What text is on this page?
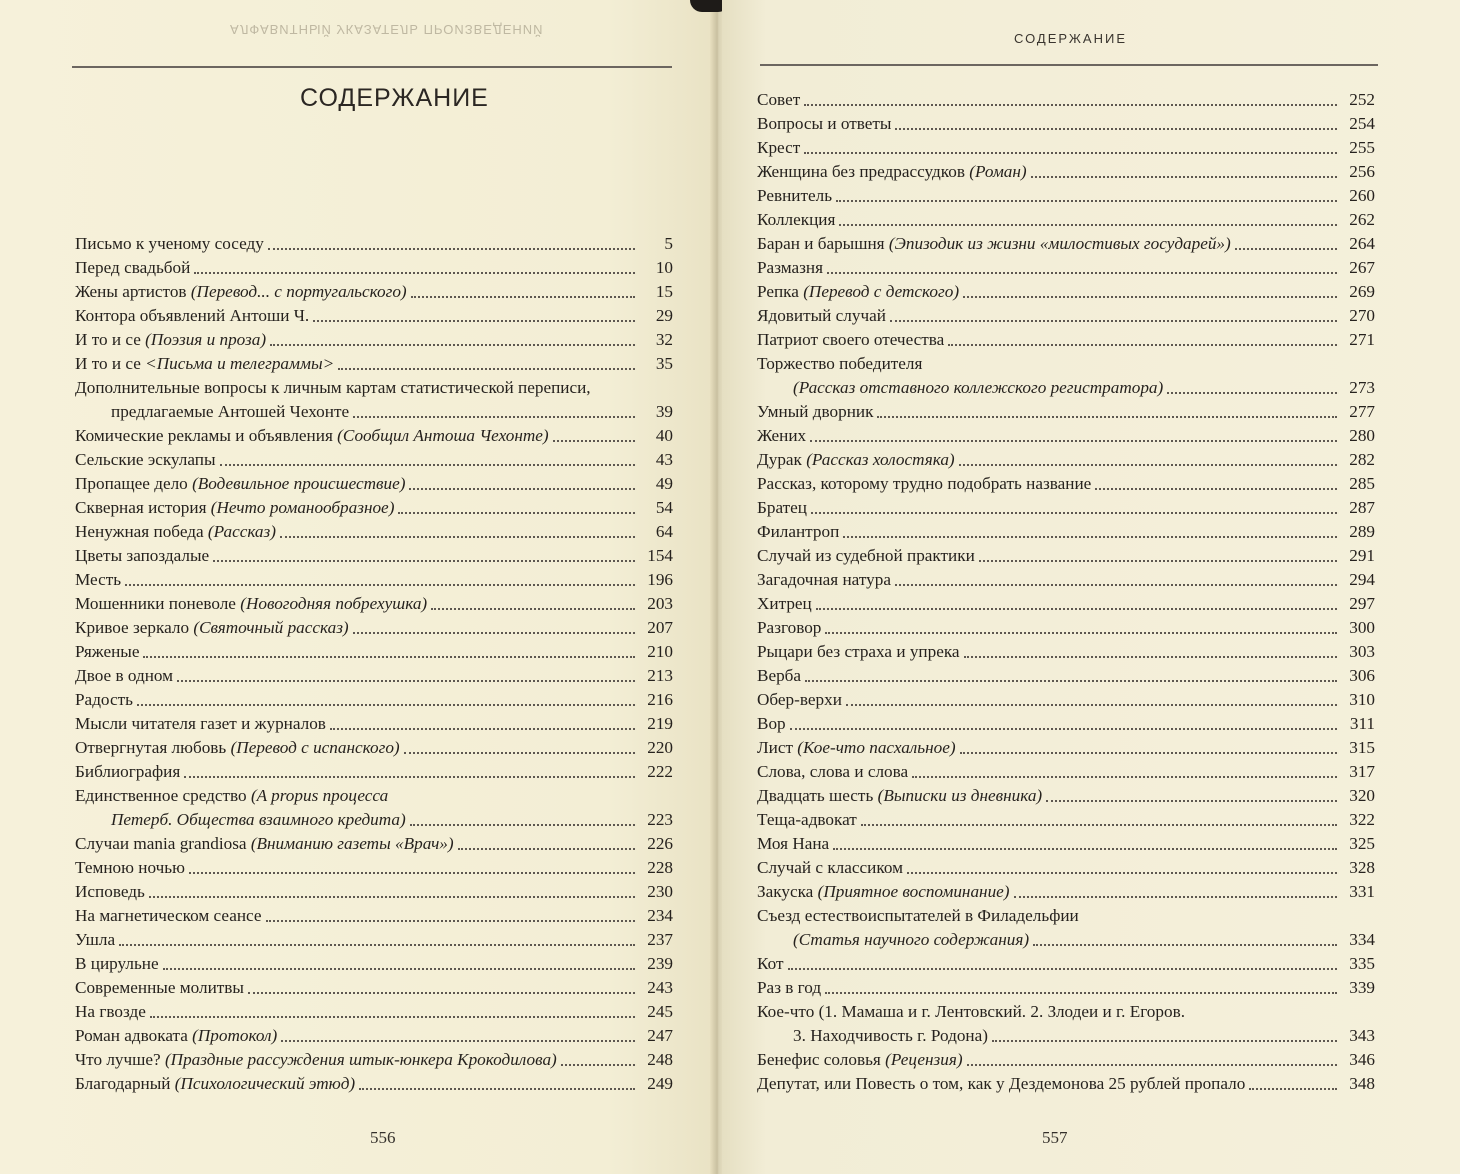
АЛФАВИТНЫЙ УКАЗАТЕЛЬ ПРОИЗВЕДЕНИЙ
СОДЕРЖАНИЕ
Письмо к ученому соседу	5
Перед свадьбой	10
Жены артистов (Перевод... с португальского)	15
Контора объявлений Антоши Ч.	29
И то и се (Поэзия и проза)	32
И то и се <Письма и телеграммы>	35
Дополнительные вопросы к личным картам статистической переписи,
предлагаемые Антошей Чехонте	39
Комические рекламы и объявления (Сообщил Антоша Чехонте)	40
Сельские эскулапы	43
Пропащее дело (Водевильное происшествие)	49
Скверная история (Нечто романообразное)	54
Ненужная победа (Рассказ)	64
Цветы запоздалые	154
Месть	196
Мошенники поневоле (Новогодняя побрехушка)	203
Кривое зеркало (Святочный рассказ)	207
Ряженые	210
Двое в одном	213
Радость	216
Мысли читателя газет и журналов	219
Отвергнутая любовь (Перевод с испанского)	220
Библиография	222
Единственное средство (A propus процесса
Петерб. Общества взаимного кредита)	223
Случаи mania grandiosa (Вниманию газеты «Врач»)	226
Темною ночью	228
Исповедь	230
На магнетическом сеансе	234
Ушла	237
В цирульне	239
Современные молитвы	243
На гвозде	245
Роман адвоката (Протокол)	247
Что лучше? (Праздные рассуждения штык-юнкера Крокодилова)	248
Благодарный (Психологический этюд)	249
556
СОДЕРЖАНИЕ
Совет	252
Вопросы и ответы	254
Крест	255
Женщина без предрассудков (Роман)	256
Ревнитель	260
Коллекция	262
Баран и барышня (Эпизодик из жизни «милостивых государей»)	264
Размазня	267
Репка (Перевод с детского)	269
Ядовитый случай	270
Патриот своего отечества	271
Торжество победителя
(Рассказ отставного коллежского регистратора)	273
Умный дворник	277
Жених	280
Дурак (Рассказ холостяка)	282
Рассказ, которому трудно подобрать название	285
Братец	287
Филантроп	289
Случай из судебной практики	291
Загадочная натура	294
Хитрец	297
Разговор	300
Рыцари без страха и упрека	303
Верба	306
Обер-верхи	310
Вор	311
Лист (Кое-что пасхальное)	315
Слова, слова и слова	317
Двадцать шесть (Выписки из дневника)	320
Теща-адвокат	322
Моя Нана	325
Случай с классиком	328
Закуска (Приятное воспоминание)	331
Съезд естествоиспытателей в Филадельфии
(Статья научного содержания)	334
Кот	335
Раз в год	339
Кое-что (1. Мамаша и г. Лентовский. 2. Злодеи и г. Егоров.
3. Находчивость г. Родона)	343
Бенефис соловья (Рецензия)	346
Депутат, или Повесть о том, как у Дездемонова 25 рублей пропало	348
557
